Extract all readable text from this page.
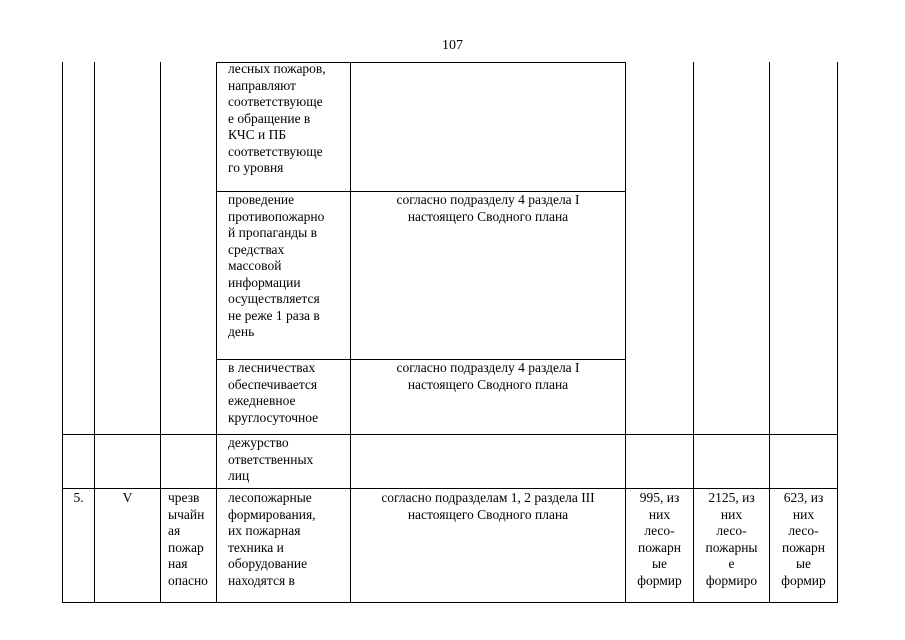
107
лесных пожаров,
направляют
соответствующе
е обращение в
КЧС и ПБ
соответствующе
го уровня
проведение
противопожарно
й пропаганды в
средствах
массовой
информации
осуществляется
не реже 1 раза в
день
согласно подразделу 4 раздела I
настоящего Сводного плана
в лесничествах
обеспечивается
ежедневное
круглосуточное
согласно подразделу 4 раздела I
настоящего Сводного плана
дежурство
ответственных
лиц
5.	V	чрезв
ычайн
ая
пожар
ная
опасно
лесопожарные
формирования,
их пожарная
техника и
оборудование
находятся в
согласно подразделам 1, 2 раздела III
настоящего Сводного плана
995, из
них
лесо-
пожарн
ые
формир
2125, из
них
лесо-
пожарны
е
формиро
623, из
них
лесо-
пожарн
ые
формир
